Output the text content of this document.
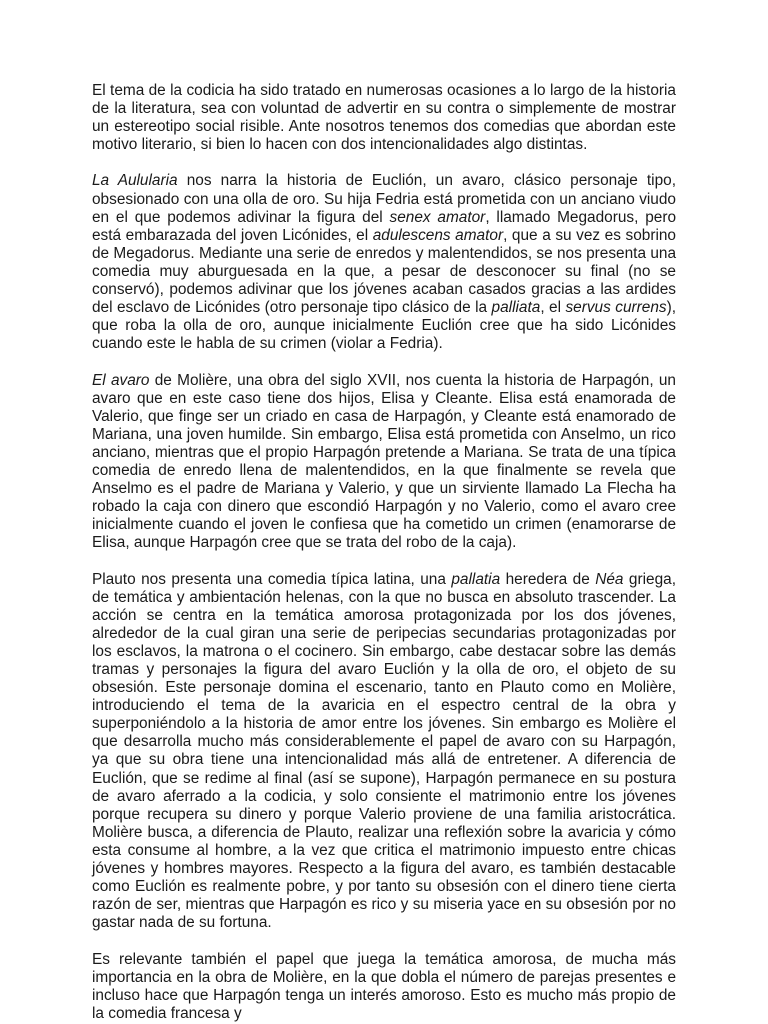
El tema de la codicia ha sido tratado en numerosas ocasiones a lo largo de la historia de la literatura, sea con voluntad de advertir en su contra o simplemente de mostrar un estereotipo social risible. Ante nosotros tenemos dos comedias que abordan este motivo literario, si bien lo hacen con dos intencionalidades algo distintas.

La Aulularia nos narra la historia de Euclión, un avaro, clásico personaje tipo, obsesionado con una olla de oro. Su hija Fedria está prometida con un anciano viudo en el que podemos adivinar la figura del senex amator, llamado Megadorus, pero está embarazada del joven Licónides, el adulescens amator, que a su vez es sobrino de Megadorus. Mediante una serie de enredos y malentendidos, se nos presenta una comedia muy aburguesada en la que, a pesar de desconocer su final (no se conservó), podemos adivinar que los jóvenes acaban casados gracias a las ardides del esclavo de Licónides (otro personaje tipo clásico de la palliata, el servus currens), que roba la olla de oro, aunque inicialmente Euclión cree que ha sido Licónides cuando este le habla de su crimen (violar a Fedria).

El avaro de Molière, una obra del siglo XVII, nos cuenta la historia de Harpagón, un avaro que en este caso tiene dos hijos, Elisa y Cleante. Elisa está enamorada de Valerio, que finge ser un criado en casa de Harpagón, y Cleante está enamorado de Mariana, una joven humilde. Sin embargo, Elisa está prometida con Anselmo, un rico anciano, mientras que el propio Harpagón pretende a Mariana. Se trata de una típica comedia de enredo llena de malentendidos, en la que finalmente se revela que Anselmo es el padre de Mariana y Valerio, y que un sirviente llamado La Flecha ha robado la caja con dinero que escondió Harpagón y no Valerio, como el avaro cree inicialmente cuando el joven le confiesa que ha cometido un crimen (enamorarse de Elisa, aunque Harpagón cree que se trata del robo de la caja).

Plauto nos presenta una comedia típica latina, una pallatia heredera de Néa griega, de temática y ambientación helenas, con la que no busca en absoluto trascender. La acción se centra en la temática amorosa protagonizada por los dos jóvenes, alrededor de la cual giran una serie de peripecias secundarias protagonizadas por los esclavos, la matrona o el cocinero. Sin embargo, cabe destacar sobre las demás tramas y personajes la figura del avaro Euclión y la olla de oro, el objeto de su obsesión. Este personaje domina el escenario, tanto en Plauto como en Molière, introduciendo el tema de la avaricia en el espectro central de la obra y superponiéndolo a la historia de amor entre los jóvenes. Sin embargo es Molière el que desarrolla mucho más considerablemente el papel de avaro con su Harpagón, ya que su obra tiene una intencionalidad más allá de entretener. A diferencia de Euclión, que se redime al final (así se supone), Harpagón permanece en su postura de avaro aferrado a la codicia, y solo consiente el matrimonio entre los jóvenes porque recupera su dinero y porque Valerio proviene de una familia aristocrática. Molière busca, a diferencia de Plauto, realizar una reflexión sobre la avaricia y cómo esta consume al hombre, a la vez que critica el matrimonio impuesto entre chicas jóvenes y hombres mayores. Respecto a la figura del avaro, es también destacable como Euclión es realmente pobre, y por tanto su obsesión con el dinero tiene cierta razón de ser, mientras que Harpagón es rico y su miseria yace en su obsesión por no gastar nada de su fortuna.

Es relevante también el papel que juega la temática amorosa, de mucha más importancia en la obra de Molière, en la que dobla el número de parejas presentes e incluso hace que Harpagón tenga un interés amoroso. Esto es mucho más propio de la comedia francesa y
